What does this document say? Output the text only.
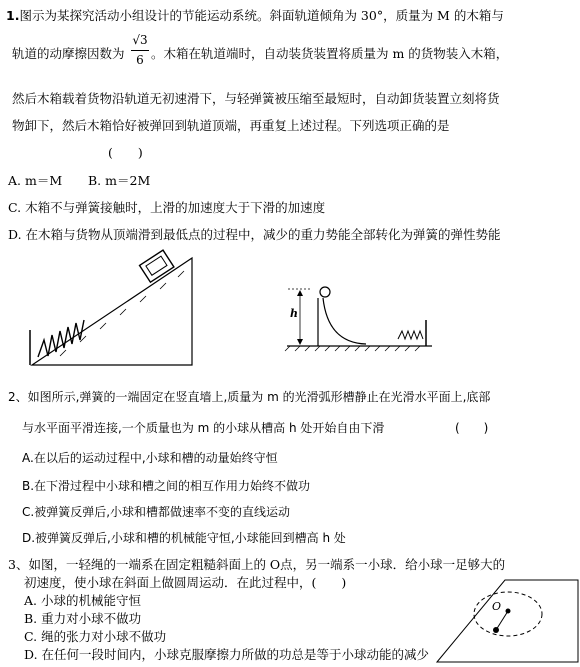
1.图示为某探究活动小组设计的节能运动系统。斜面轨道倾角为 30°，质量为 M 的木箱与
轨道的动摩擦因数为
√3
6 。木箱在轨道端时，自动装货装置将质量为 m 的货物装入木箱，
然后木箱载着货物沿轨道无初速滑下，与轻弹簧被压缩至最短时，自动卸货装置立刻将货
物卸下，然后木箱恰好被弹回到轨道顶端，再重复上述过程。下列选项正确的是
(　　)
A. m＝M B. m＝2M
C. 木箱不与弹簧接触时，上滑的加速度大于下滑的加速度
D. 在木箱与货物从顶端滑到最低点的过程中，减少的重力势能全部转化为弹簧的弹性势能
h
2、如图所示,弹簧的一端固定在竖直墙上,质量为 m 的光滑弧形槽静止在光滑水平面上,底部
与水平面平滑连接,一个质量也为 m 的小球从槽高 h 处开始自由下滑	(　　)
A.在以后的运动过程中,小球和槽的动量始终守恒
B.在下滑过程中小球和槽之间的相互作用力始终不做功
C.被弹簧反弹后,小球和槽都做速率不变的直线运动
D.被弹簧反弹后,小球和槽的机械能守恒,小球能回到槽高 h 处
3、如图，一轻绳的一端系在固定粗糙斜面上的 O点，另一端系一小球．给小球一足够大的
初速度，使小球在斜面上做圆周运动．在此过程中，(　　)
A. 小球的机械能守恒
B. 重力对小球不做功
C. 绳的张力对小球不做功
D. 在任何一段时间内，小球克服摩擦力所做的功总是等于小球动能的减少
O
